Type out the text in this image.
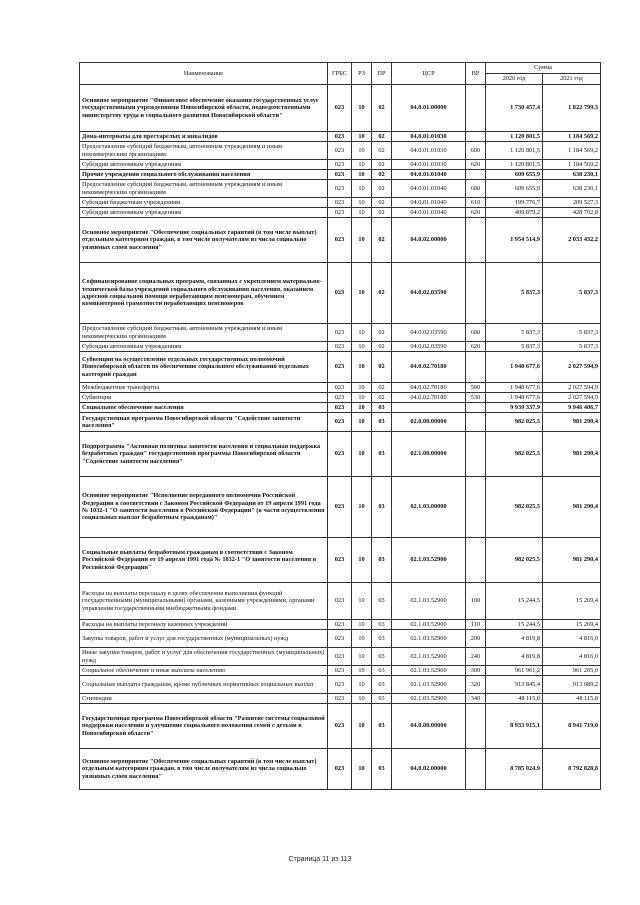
Наименование	ГРБС	РЗ	ПР	ЦСР	ВР	Сумма	
						2020 год	2021 год
Основное мероприятие "Финансовое обеспечение оказания государственных услуг государственными учреждениями Новосибирской области, подведомственными министерству труда и социального развития Новосибирской области"	023	10	02	04.0.01.00000		1 730 457,4	1 822 799,3
Дома-интернаты для престарелых и инвалидов	023	10	02	04.0.01.01030		1 120 801,5	1 184 569,2
Предоставление субсидий бюджетным, автономным учреждениям и иным некоммерческим организациям	023	10	02	04.0.01.01030	600	1 120 801,5	1 184 569,2
Субсидии автономным учреждениям	023	10	02	04.0.01.01030	620	1 120 801,5	1 184 569,2
Прочие учреждения социального обслуживания населения	023	10	02	04.0.01.01040		609 655,9	638 230,1
Предоставление субсидий бюджетным, автономным учреждениям и иным некоммерческим организациям	023	10	02	04.0.01.01040	600	609 655,9	638 230,1
Субсидии бюджетным учреждениям	023	10	02	04.0.01.01040	610	199 776,7	209 527,3
Субсидии автономным учреждениям	023	10	02	04.0.01.01040	620	409 879,2	428 702,8
Основное мероприятие "Обеспечение социальных гарантий (в том числе выплат) отдельным категориям граждан, в том числе получателям из числа социально уязвимых слоев населения"	023	10	02	04.0.02.00000		1 954 514,9	2 033 432,2
Софинансирование социальных программ, связанных с укреплением материально-технической базы учреждений социального обслуживания населения, оказанием адресной социальной помощи неработающим пенсионерам, обучением компьютерной грамотности неработающих пенсионеров	023	10	02	04.0.02.03590		5 837,3	5 837,3
Предоставление субсидий бюджетным, автономным учреждениям и иным некоммерческим организациям	023	10	02	04.0.02.03590	600	5 837,3	5 837,3
Субсидии автономным учреждениям	023	10	02	04.0.02.03590	620	5 837,3	5 837,3
Субвенции на осуществление отдельных государственных полномочий Новосибирской области по обеспечению социального обслуживания отдельных категорий граждан	023	10	02	04.0.02.70180		1 948 677,6	2 027 594,9
Межбюджетные трансферты	023	10	02	04.0.02.70180	500	1 948 677,6	2 027 594,9
Субвенции	023	10	02	04.0.02.70180	530	1 948 677,6	2 027 594,9
Социальное обеспечение населения	023	10	03			9 939 337,9	9 946 406,7
Государственная программа Новосибирской области "Содействие занятости населения"	023	10	03	02.0.00.00000		982 025,5	981 290,4
Подпрограмма "Активная политика занятости населения и социальная поддержка безработных граждан" государственной программы Новосибирской области "Содействие занятости населения"	023	10	03	02.1.00.00000		982 025,5	981 290,4
Основное мероприятие "Исполнение переданного полномочия Российской Федерации в соответствии с Законом Российской Федерации от 19 апреля 1991 года № 1032-1 "О занятости населения в Российской Федерации" (в части осуществления социальных выплат безработным гражданам)"	023	10	03	02.1.03.00000		982 025,5	981 290,4
Социальные выплаты безработным гражданам в соответствии с Законом Российской Федерации от 19 апреля 1991 года № 1032-1 "О занятости населения в Российской Федерации"	023	10	03	02.1.03.52900		982 025,5	981 290,4
Расходы на выплаты персоналу в целях обеспечения выполнения функций государственными (муниципальными) органами, казенными учреждениями, органами управления государственными внебюджетными фондами	023	10	03	02.1.03.52900	100	15 244,5	15 269,4
Расходы на выплаты персоналу казенных учреждений	023	10	03	02.1.03.52900	110	15 244,5	15 269,4
Закупка товаров, работ и услуг для государственных (муниципальных) нужд	023	10	03	02.1.03.52900	200	4 819,8	4 816,0
Иные закупки товаров, работ и услуг для обеспечения государственных (муниципальных) нужд	023	10	03	02.1.03.52900	240	4 819,8	4 816,0
Социальное обеспечение и иные выплаты населению	023	10	03	02.1.03.52900	300	961 961,2	961 205,0
Социальные выплаты гражданам, кроме публичных нормативных социальных выплат	023	10	03	02.1.03.52900	320	913 845,4	913 089,2
Стипендии	023	10	03	02.1.03.52900	340	48 115,8	48 115,8
Государственная программа Новосибирской области "Развитие системы социальной поддержки населения и улучшение социального положения семей с детьми в Новосибирской области"	023	10	03	04.0.00.00000		8 933 915,1	8 941 719,0
Основное мероприятие "Обеспечение социальных гарантий (в том числе выплат) отдельным категориям граждан, в том числе получателям из числа социально уязвимых слоев населения"	023	10	03	04.0.02.00000		8 785 024,9	8 792 828,8
Страница 11 из 113
